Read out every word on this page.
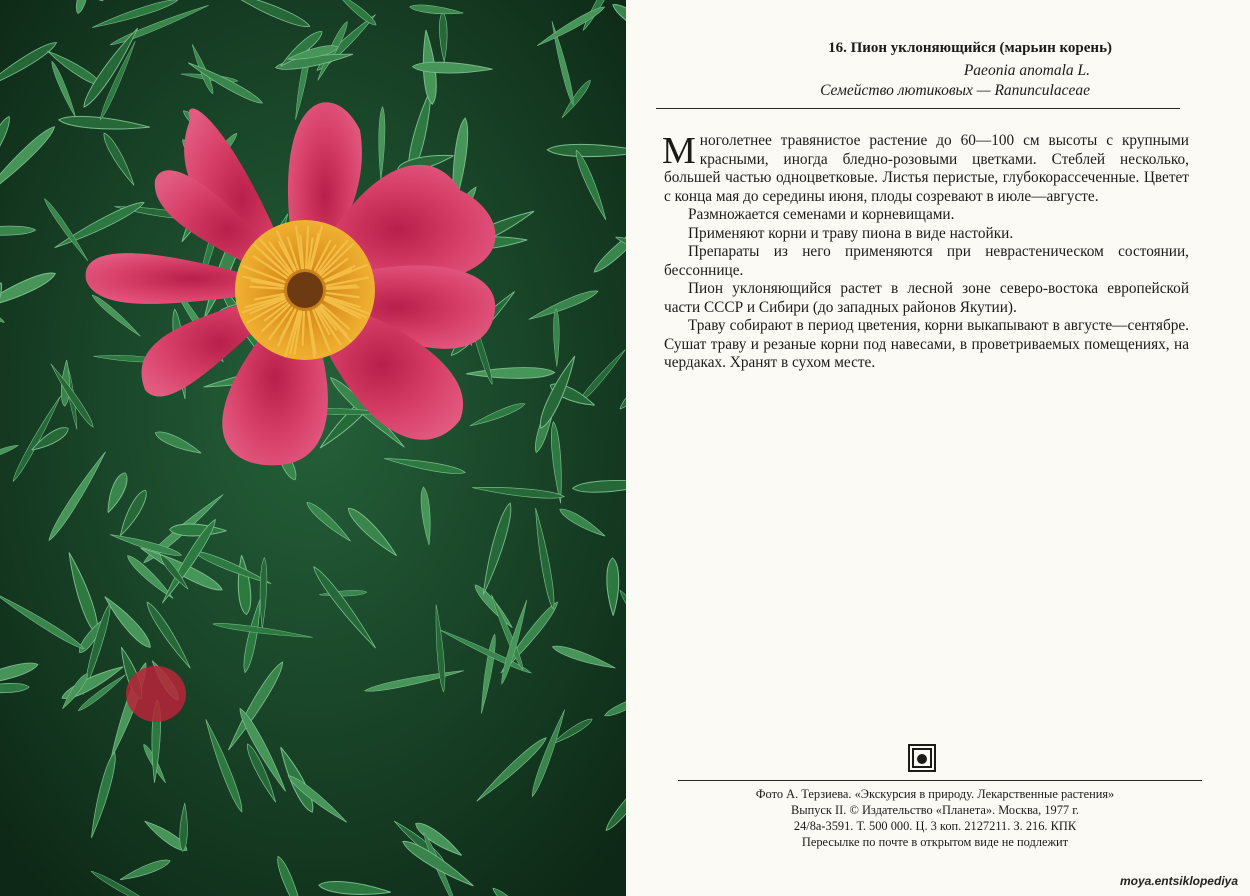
16. Пион уклоняющийся (марьин корень)
Paeonia anomala L.
Семейство лютиковых — Ranunculaceae

Многолетнее травянистое растение до 60—100 см высоты с крупными красными, иногда бледно-розовыми цветками. Стеблей несколько, большей частью одноцветковые. Листья перистые, глубокорассеченные. Цветет с конца мая до середины июня, плоды созревают в июле—августе.

Размножается семенами и корневищами.

Применяют корни и траву пиона в виде настойки.

Препараты из него применяются при неврастеническом состоянии, бессоннице.

Пион уклоняющийся растет в лесной зоне северо-востока европейской части СССР и Сибири (до западных районов Якутии).

Траву собирают в период цветения, корни выкапывают в августе—сентябре. Сушат траву и резаные корни под навесами, в проветриваемых помещениях, на чердаках. Хранят в сухом месте.

Фото А. Терзиева. «Экскурсия в природу. Лекарственные растения»
Выпуск II. © Издательство «Планета». Москва, 1977 г.
24/8а-3591. Т. 500 000. Ц. 3 коп. 2127211. З. 216. КПК
Пересылке по почте в открытом виде не подлежит
moya.entsiklopediya
